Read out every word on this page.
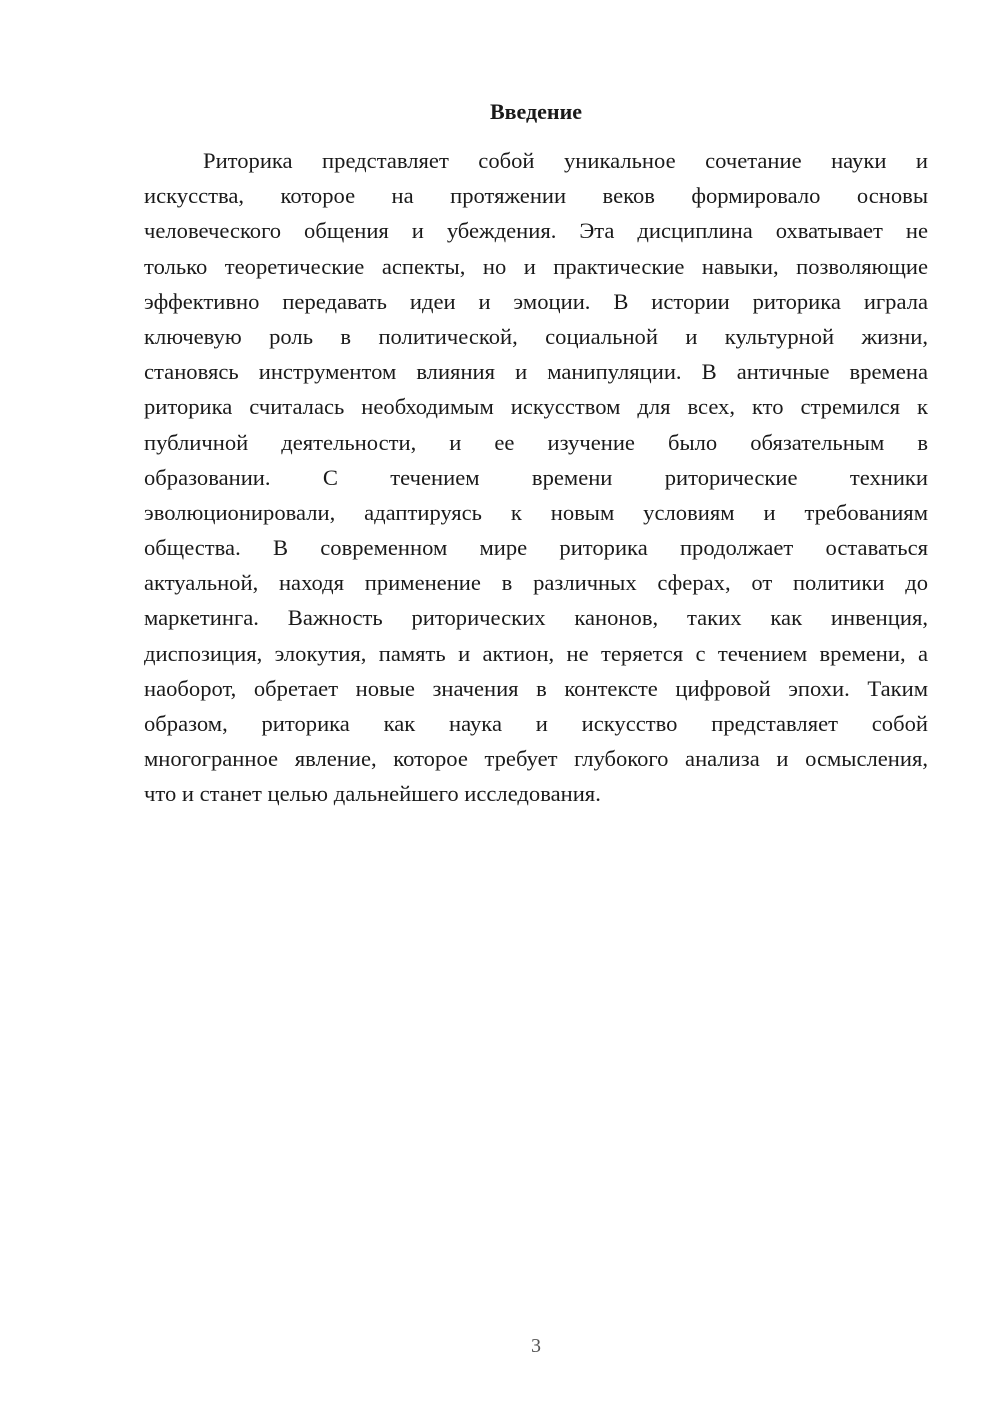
Введение
Риторика представляет собой уникальное сочетание науки и
искусства, которое на протяжении веков формировало основы
человеческого общения и убеждения. Эта дисциплина охватывает не
только теоретические аспекты, но и практические навыки, позволяющие
эффективно передавать идеи и эмоции. В истории риторика играла
ключевую роль в политической, социальной и культурной жизни,
становясь инструментом влияния и манипуляции. В античные времена
риторика считалась необходимым искусством для всех, кто стремился к
публичной деятельности, и ее изучение было обязательным в
образовании. С течением времени риторические техники
эволюционировали, адаптируясь к новым условиям и требованиям
общества. В современном мире риторика продолжает оставаться
актуальной, находя применение в различных сферах, от политики до
маркетинга. Важность риторических канонов, таких как инвенция,
диспозиция, элокутия, память и актион, не теряется с течением времени, а
наоборот, обретает новые значения в контексте цифровой эпохи. Таким
образом, риторика как наука и искусство представляет собой
многогранное явление, которое требует глубокого анализа и осмысления,
что и станет целью дальнейшего исследования.
3
